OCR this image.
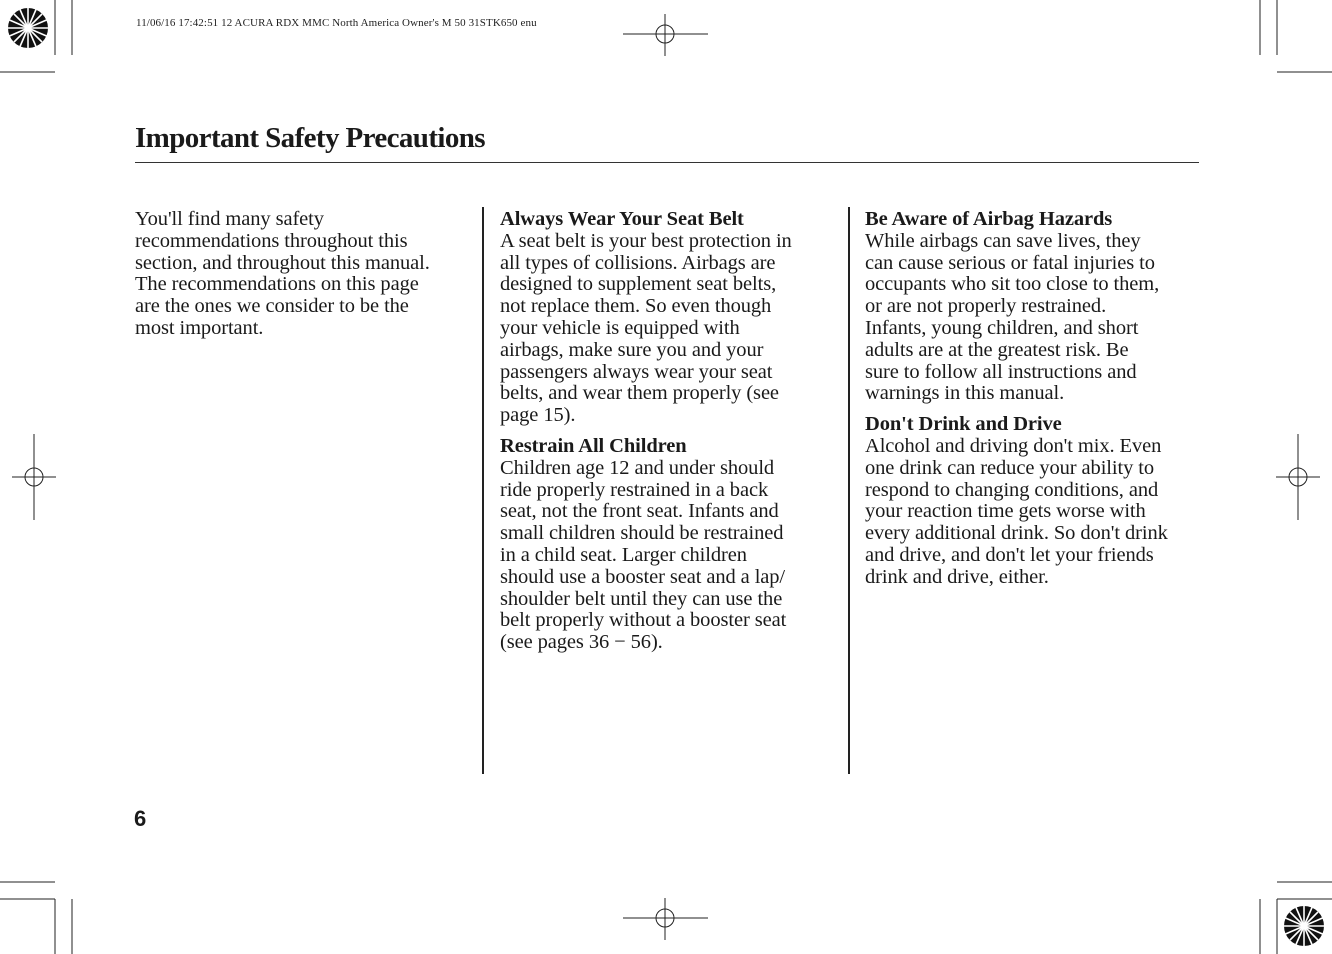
11/06/16 17:42:51 12 ACURA RDX MMC North America Owner's M 50 31STK650 enu
Important Safety Precautions

You'll find many safety

recommendations throughout this

section, and throughout this manual.

The recommendations on this page

are the ones we consider to be the

most important.

Always Wear Your Seat Belt

A seat belt is your best protection in

all types of collisions. Airbags are

designed to supplement seat belts,

not replace them. So even though

your vehicle is equipped with

airbags, make sure you and your

passengers always wear your seat

belts, and wear them properly (see

page 15).

Restrain All Children

Children age 12 and under should

ride properly restrained in a back

seat, not the front seat. Infants and

small children should be restrained

in a child seat. Larger children

should use a booster seat and a lap/

shoulder belt until they can use the

belt properly without a booster seat

(see pages 36 − 56).

Be Aware of Airbag Hazards

While airbags can save lives, they

can cause serious or fatal injuries to

occupants who sit too close to them,

or are not properly restrained.

Infants, young children, and short

adults are at the greatest risk. Be

sure to follow all instructions and

warnings in this manual.

Don't Drink and Drive

Alcohol and driving don't mix. Even

one drink can reduce your ability to

respond to changing conditions, and

your reaction time gets worse with

every additional drink. So don't drink

and drive, and don't let your friends

drink and drive, either.

6
